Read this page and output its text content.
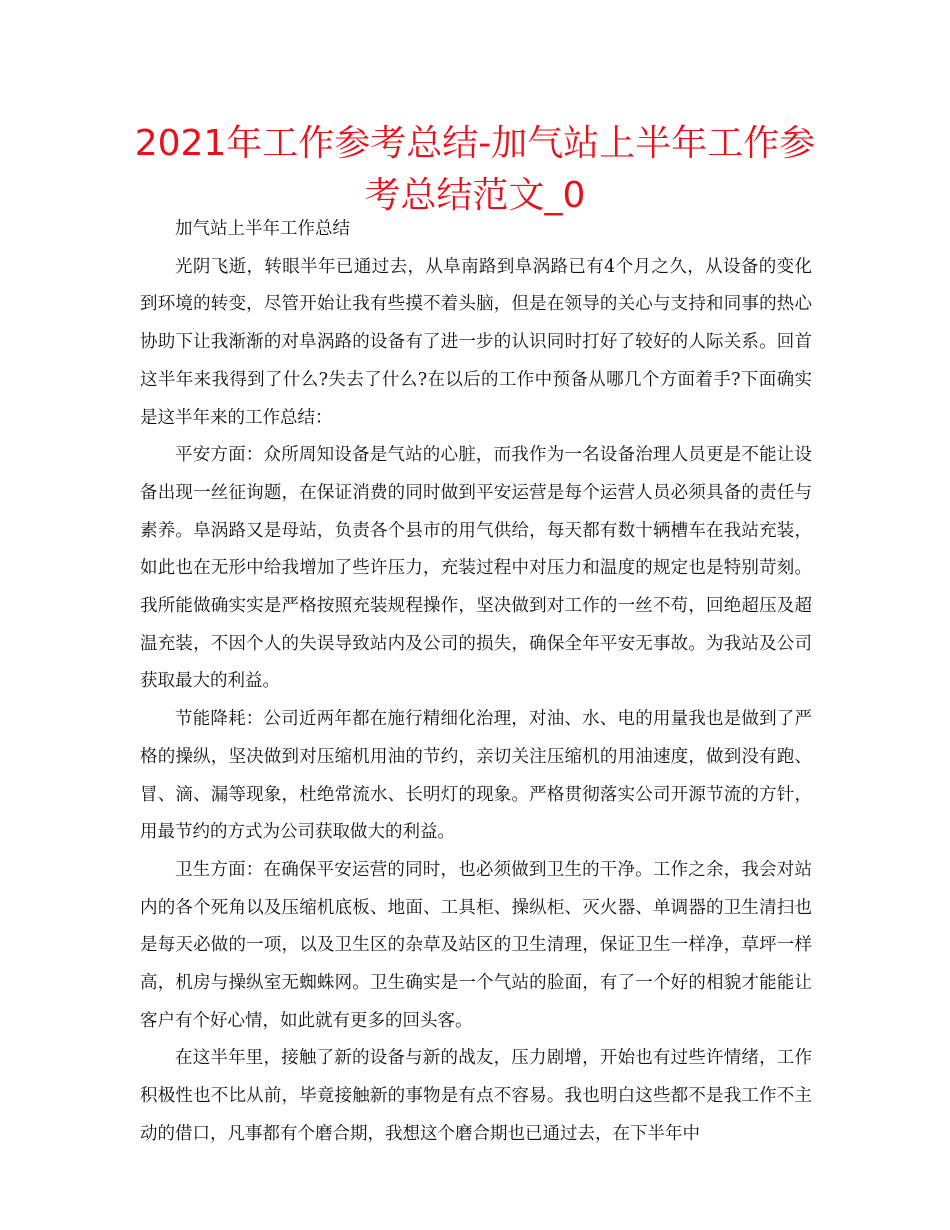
2021年工作参考总结-加气站上半年工作参考总结范文_0

加气站上半年工作总结

光阴飞逝，转眼半年已通过去，从阜南路到阜涡路已有4个月之久，从设备的变化到环境的转变，尽管开始让我有些摸不着头脑，但是在领导的关心与支持和同事的热心协助下让我渐渐的对阜涡路的设备有了进一步的认识同时打好了较好的人际关系。回首这半年来我得到了什么?失去了什么?在以后的工作中预备从哪几个方面着手?下面确实是这半年来的工作总结：

平安方面：众所周知设备是气站的心脏，而我作为一名设备治理人员更是不能让设备出现一丝征询题，在保证消费的同时做到平安运营是每个运营人员必须具备的责任与素养。阜涡路又是母站，负责各个县市的用气供给，每天都有数十辆槽车在我站充装，如此也在无形中给我增加了些许压力，充装过程中对压力和温度的规定也是特别苛刻。我所能做确实实是严格按照充装规程操作，坚决做到对工作的一丝不苟，回绝超压及超温充装，不因个人的失误导致站内及公司的损失，确保全年平安无事故。为我站及公司获取最大的利益。

节能降耗：公司近两年都在施行精细化治理，对油、水、电的用量我也是做到了严格的操纵，坚决做到对压缩机用油的节约，亲切关注压缩机的用油速度，做到没有跑、冒、滴、漏等现象，杜绝常流水、长明灯的现象。严格贯彻落实公司开源节流的方针，用最节约的方式为公司获取做大的利益。

卫生方面：在确保平安运营的同时，也必须做到卫生的干净。工作之余，我会对站内的各个死角以及压缩机底板、地面、工具柜、操纵柜、灭火器、单调器的卫生清扫也是每天必做的一项，以及卫生区的杂草及站区的卫生清理，保证卫生一样净，草坪一样高，机房与操纵室无蜘蛛网。卫生确实是一个气站的脸面，有了一个好的相貌才能能让客户有个好心情，如此就有更多的回头客。

在这半年里，接触了新的设备与新的战友，压力剧增，开始也有过些许情绪，工作积极性也不比从前，毕竟接触新的事物是有点不容易。我也明白这些都不是我工作不主动的借口，凡事都有个磨合期，我想这个磨合期也已通过去，在下半年中
